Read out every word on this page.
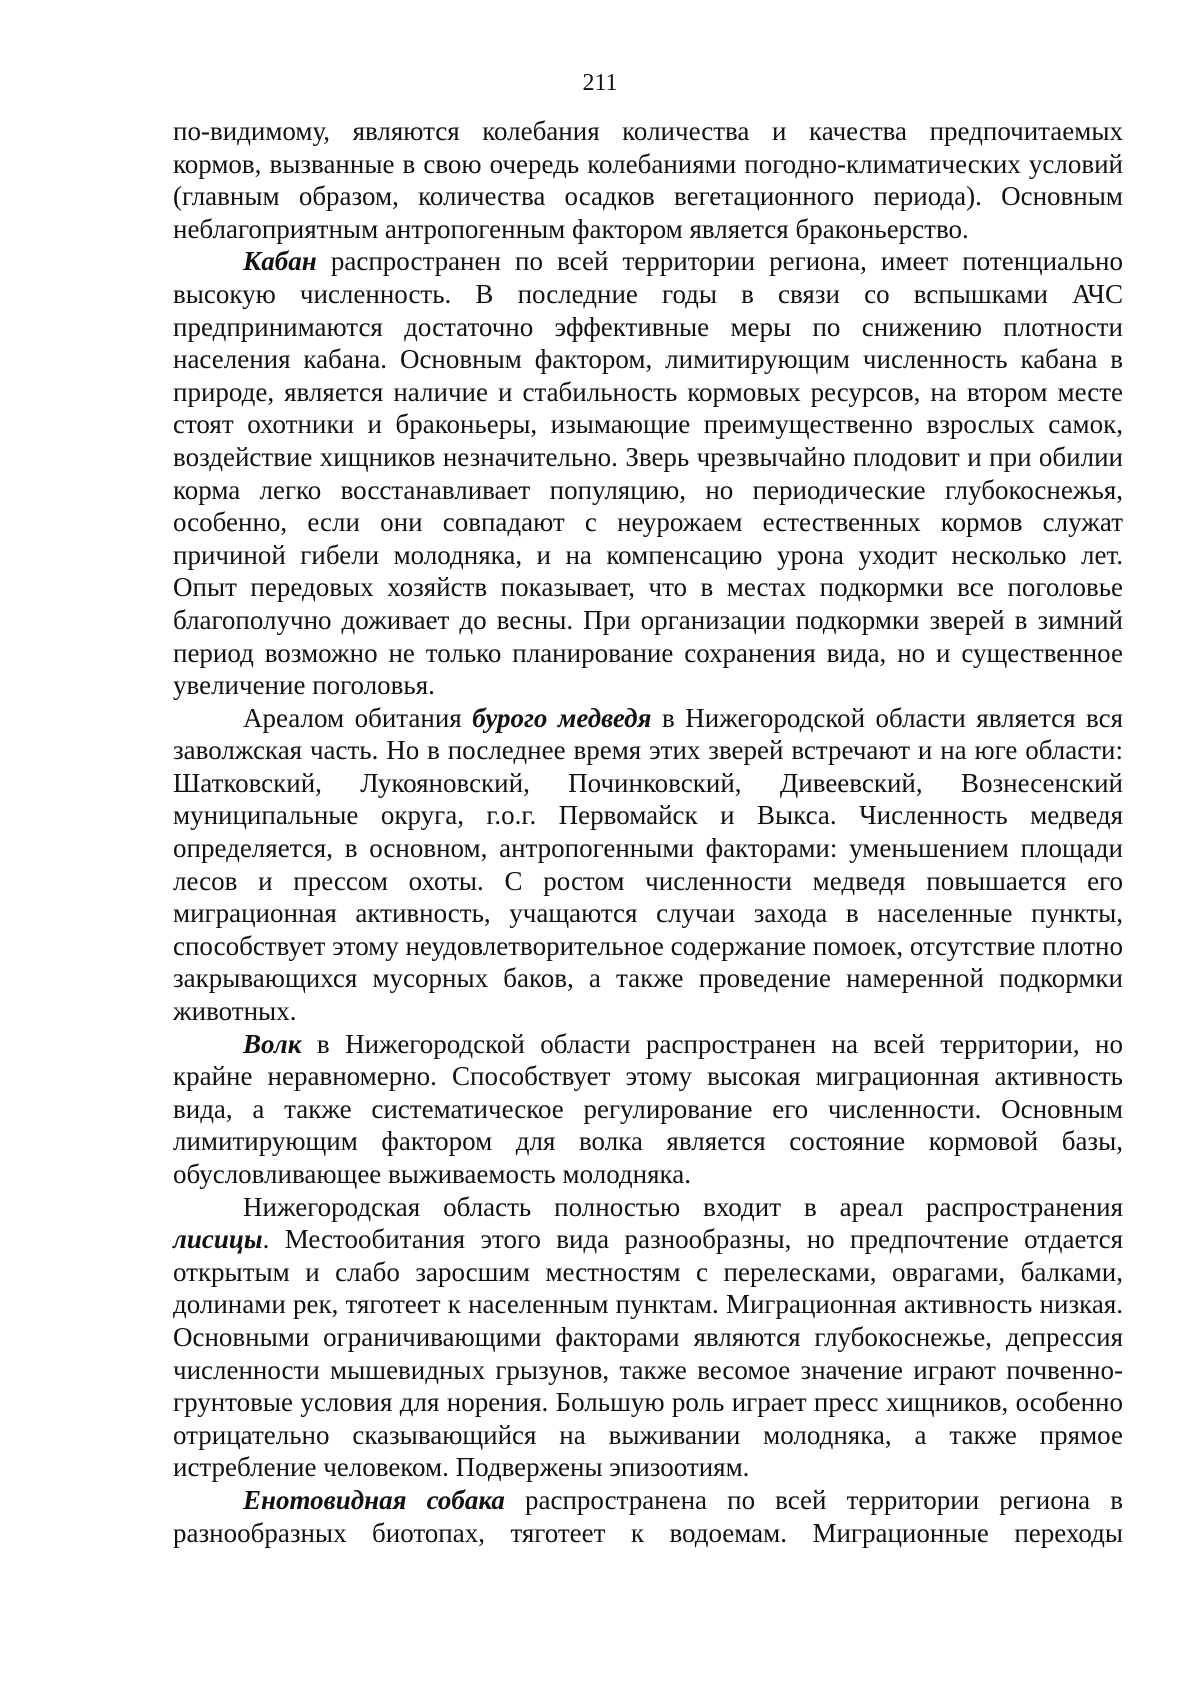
211

по-видимому, являются колебания количества и качества предпочитаемых кормов, вызванные в свою очередь колебаниями погодно-климатических условий (главным образом, количества осадков вегетационного периода). Основным неблагоприятным антропогенным фактором является браконьерство.

Кабан распространен по всей территории региона, имеет потенциально высокую численность. В последние годы в связи со вспышками АЧС предпринимаются достаточно эффективные меры по снижению плотности населения кабана. Основным фактором, лимитирующим численность кабана в природе, является наличие и стабильность кормовых ресурсов, на втором месте стоят охотники и браконьеры, изымающие преимущественно взрослых самок, воздействие хищников незначительно. Зверь чрезвычайно плодовит и при обилии корма легко восстанавливает популяцию, но периодические глубокоснежья, особенно, если они совпадают с неурожаем естественных кормов служат причиной гибели молодняка, и на компенсацию урона уходит несколько лет. Опыт передовых хозяйств показывает, что в местах подкормки все поголовье благополучно доживает до весны. При организации подкормки зверей в зимний период возможно не только планирование сохранения вида, но и существенное увеличение поголовья.

Ареалом обитания бурого медведя в Нижегородской области является вся заволжская часть. Но в последнее время этих зверей встречают и на юге области: Шатковский, Лукояновский, Починковский, Дивеевский, Вознесенский муниципальные округа, г.о.г. Первомайск и Выкса. Численность медведя определяется, в основном, антропогенными факторами: уменьшением площади лесов и прессом охоты. С ростом численности медведя повышается его миграционная активность, учащаются случаи захода в населенные пункты, способствует этому неудовлетворительное содержание помоек, отсутствие плотно закрывающихся мусорных баков, а также проведение намеренной подкормки животных.

Волк в Нижегородской области распространен на всей территории, но крайне неравномерно. Способствует этому высокая миграционная активность вида, а также систематическое регулирование его численности. Основным лимитирующим фактором для волка является состояние кормовой базы, обусловливающее выживаемость молодняка.

Нижегородская область полностью входит в ареал распространения лисицы. Местообитания этого вида разнообразны, но предпочтение отдается открытым и слабо заросшим местностям с перелесками, оврагами, балками, долинами рек, тяготеет к населенным пунктам. Миграционная активность низкая. Основными ограничивающими факторами являются глубокоснежье, депрессия численности мышевидных грызунов, также весомое значение играют почвенно-грунтовые условия для норения. Большую роль играет пресс хищников, особенно отрицательно сказывающийся на выживании молодняка, а также прямое истребление человеком. Подвержены эпизоотиям.

Енотовидная собака распространена по всей территории региона в разнообразных биотопах, тяготеет к водоемам. Миграционные переходы
